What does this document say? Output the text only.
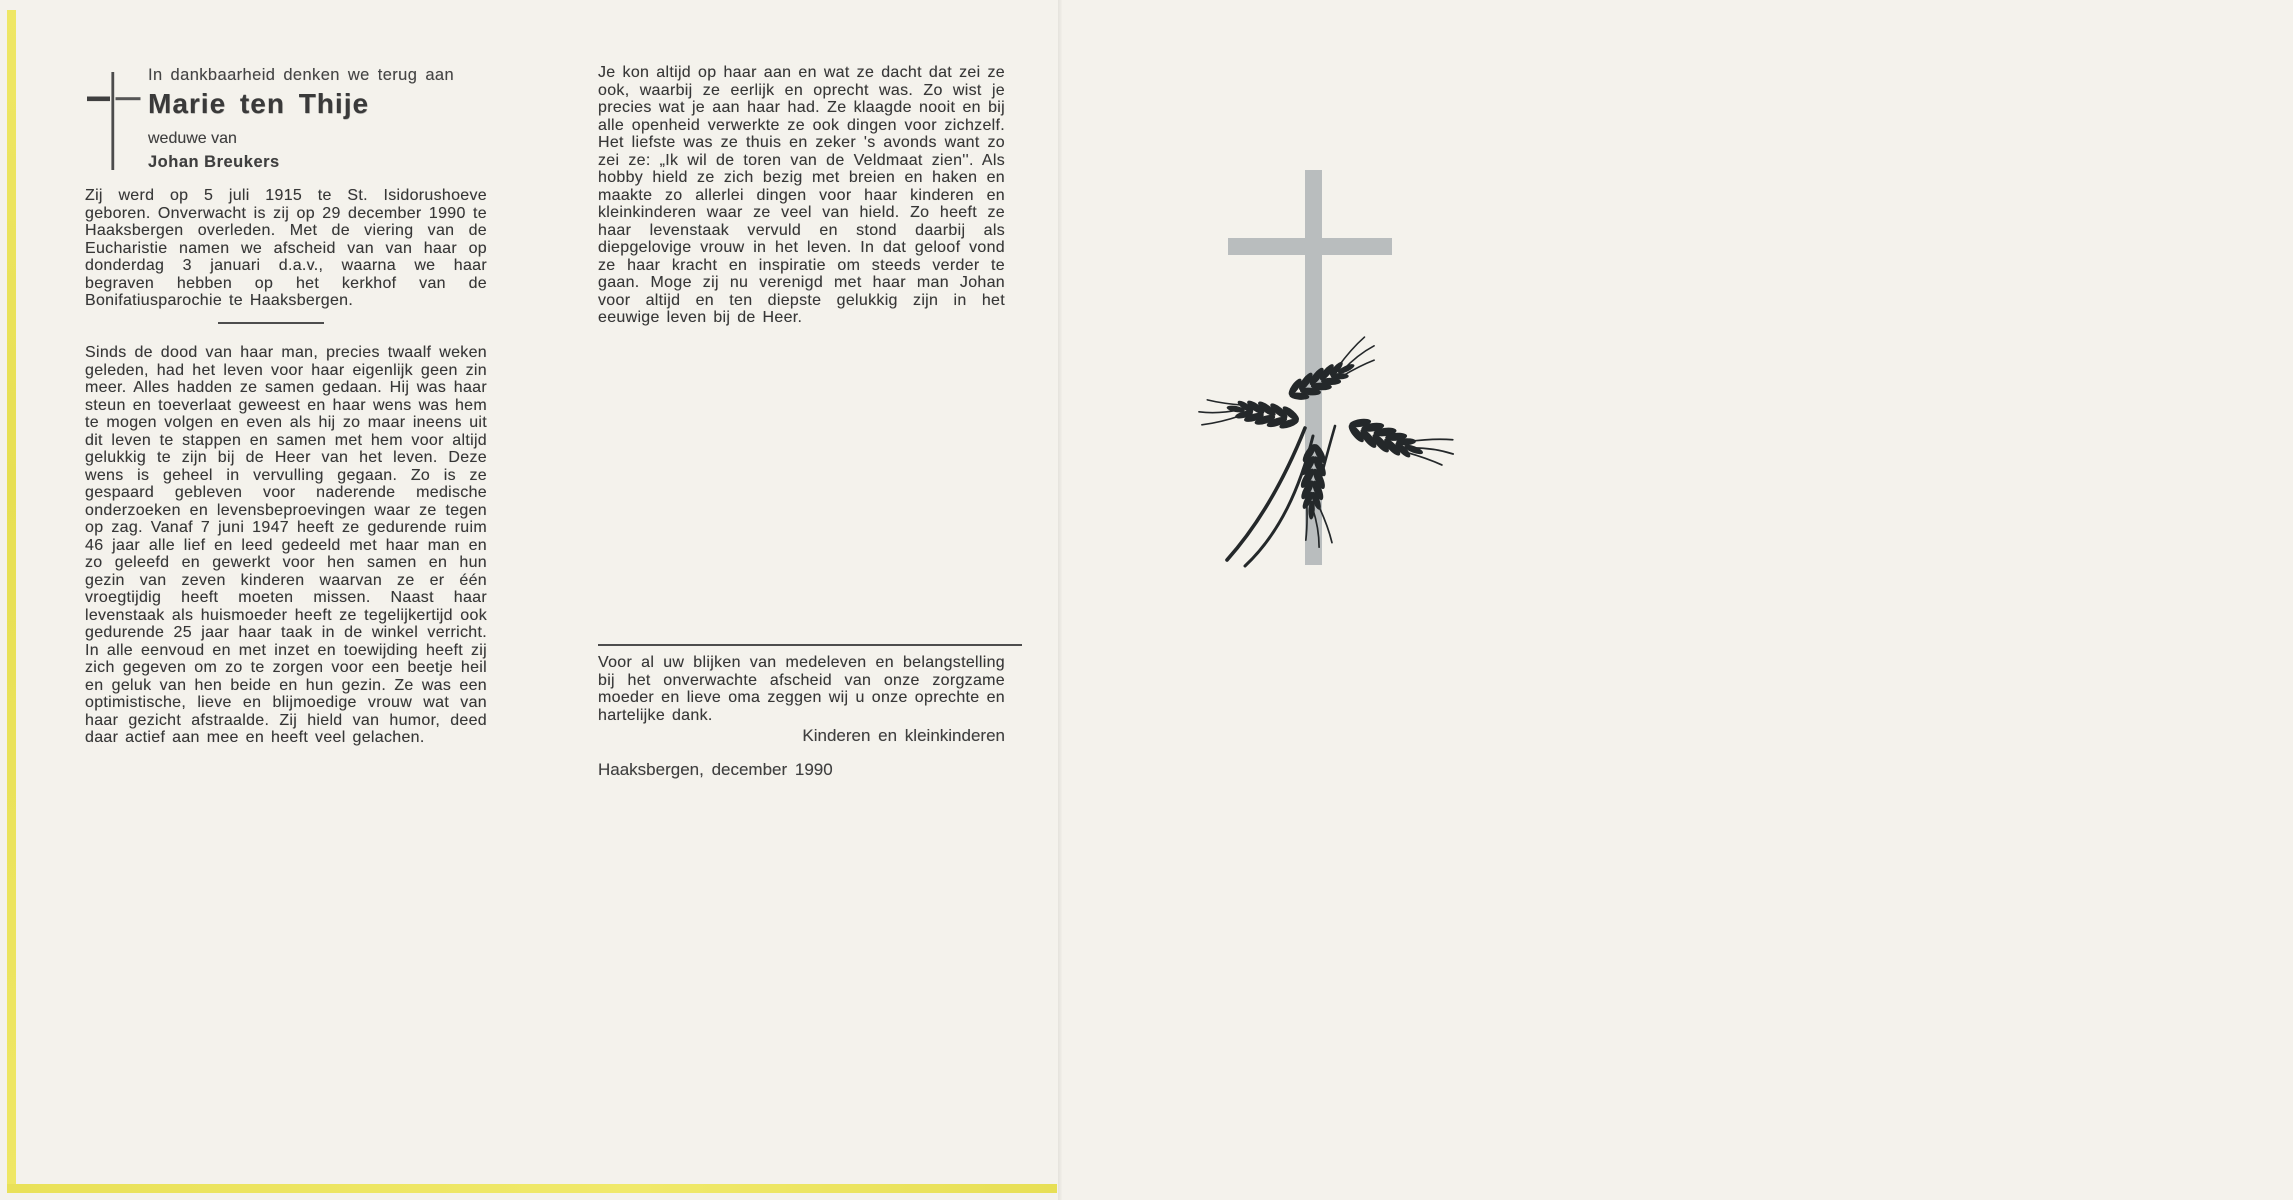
In dankbaarheid denken we terug aan
Marie ten Thije
weduwe van
Johan Breukers

Zij werd op 5 juli 1915 te St. Isidorushoeve geboren. Onverwacht is zij op 29 december 1990 te Haaksbergen overleden. Met de viering van de Eucharistie namen we afscheid van van haar op donderdag 3 januari d.a.v., waarna we haar begraven hebben op het kerkhof van de Bonifatiusparochie te Haaksbergen.

Sinds de dood van haar man, precies twaalf weken geleden, had het leven voor haar eigenlijk geen zin meer. Alles hadden ze samen gedaan. Hij was haar steun en toeverlaat geweest en haar wens was hem te mogen volgen en even als hij zo maar ineens uit dit leven te stappen en samen met hem voor altijd gelukkig te zijn bij de Heer van het leven. Deze wens is geheel in vervulling gegaan. Zo is ze gespaard gebleven voor naderende medische onderzoeken en levensbeproevingen waar ze tegen op zag. Vanaf 7 juni 1947 heeft ze gedurende ruim 46 jaar alle lief en leed gedeeld met haar man en zo geleefd en gewerkt voor hen samen en hun gezin van zeven kinderen waarvan ze er één vroegtijdig heeft moeten missen. Naast haar levenstaak als huismoeder heeft ze tegelijkertijd ook gedurende 25 jaar haar taak in de winkel verricht. In alle eenvoud en met inzet en toewijding heeft zij zich gegeven om zo te zorgen voor een beetje heil en geluk van hen beide en hun gezin. Ze was een optimistische, lieve en blijmoedige vrouw wat van haar gezicht afstraalde. Zij hield van humor, deed daar actief aan mee en heeft veel gelachen.

Je kon altijd op haar aan en wat ze dacht dat zei ze ook, waarbij ze eerlijk en oprecht was. Zo wist je precies wat je aan haar had. Ze klaagde nooit en bij alle openheid verwerkte ze ook dingen voor zichzelf. Het liefste was ze thuis en zeker 's avonds want zo zei ze: „Ik wil de toren van de Veldmaat zien''. Als hobby hield ze zich bezig met breien en haken en maakte zo allerlei dingen voor haar kinderen en kleinkinderen waar ze veel van hield. Zo heeft ze haar levenstaak vervuld en stond daarbij als diepgelovige vrouw in het leven. In dat geloof vond ze haar kracht en inspiratie om steeds verder te gaan. Moge zij nu verenigd met haar man Johan voor altijd en ten diepste gelukkig zijn in het eeuwige leven bij de Heer.

Voor al uw blijken van medeleven en belangstelling bij het onverwachte afscheid van onze zorgzame moeder en lieve oma zeggen wij u onze oprechte en hartelijke dank.

Kinderen en kleinkinderen
Haaksbergen, december 1990
